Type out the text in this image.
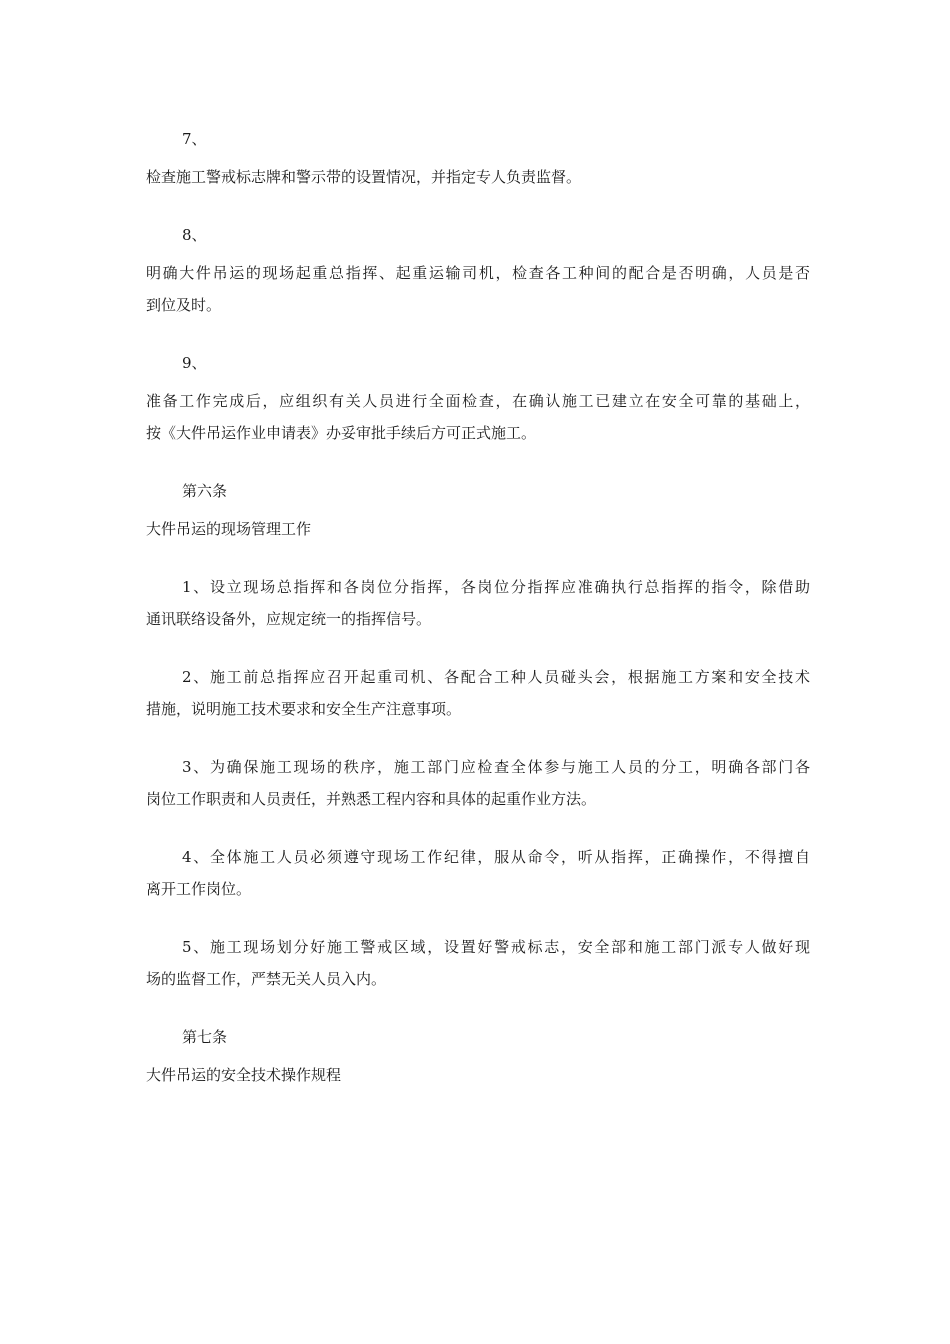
7、
检查施工警戒标志牌和警示带的设置情况，并指定专人负责监督。
8、
明确大件吊运的现场起重总指挥、起重运输司机，检查各工种间的配合是否明确，人员是否
到位及时。
9、
准备工作完成后，应组织有关人员进行全面检查，在确认施工已建立在安全可靠的基础上，
按《大件吊运作业申请表》办妥审批手续后方可正式施工。
第六条
大件吊运的现场管理工作
1、设立现场总指挥和各岗位分指挥，各岗位分指挥应准确执行总指挥的指令，除借助
通讯联络设备外，应规定统一的指挥信号。
2、施工前总指挥应召开起重司机、各配合工种人员碰头会，根据施工方案和安全技术
措施，说明施工技术要求和安全生产注意事项。
3、为确保施工现场的秩序，施工部门应检查全体参与施工人员的分工，明确各部门各
岗位工作职责和人员责任，并熟悉工程内容和具体的起重作业方法。
4、全体施工人员必须遵守现场工作纪律，服从命令，听从指挥，正确操作，不得擅自
离开工作岗位。
5、施工现场划分好施工警戒区域，设置好警戒标志，安全部和施工部门派专人做好现
场的监督工作，严禁无关人员入内。
第七条
大件吊运的安全技术操作规程
